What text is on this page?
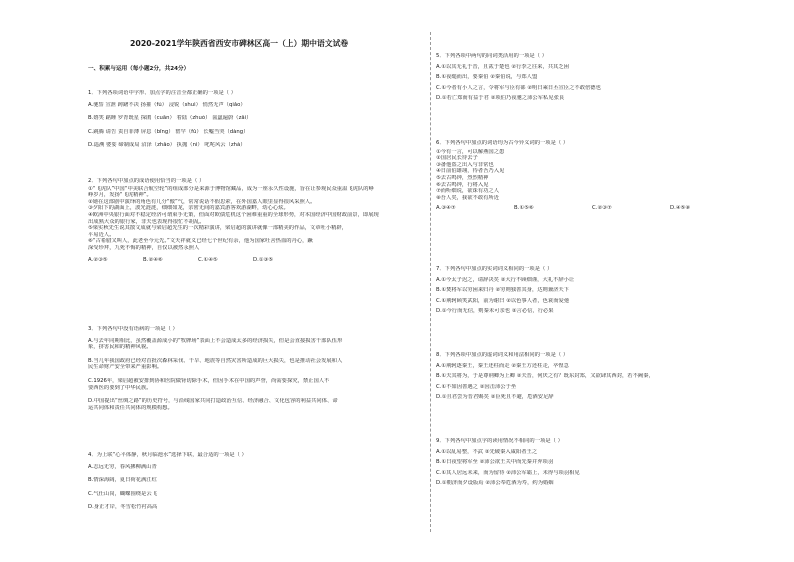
2020-2021学年陕西省西安市碑林区高一（上）期中语文试卷
一、积累与运用（每小题2分，共24分）
1．下列各项词语中字形、加点字的注音全都正确的一项是（ ）
A.驰誓 宣泄 踌躇不决 扬搉（fú） 浸锐（shuì） 悄然无声（qiǎo）
B.嬉笑 踮睡 罗青既星 探鹃（cuān） 着陆（zhuó） 氤氲遍蔚（zāi）
C.跳腾 请告 责自菲薄 屏息（bīng） 罂罕（fǔ） 长嘘当哭（dàng）
D.遥溯 婆娑 缔制成局 沼泽（zhǎo） 执抛（nì） 叱咤风云（zhà）
2．下列各句中加点的成语使用恰当的一项是（ ）
①“飞虎队”中国“中美联合航空轮”的组成部分是来源于博物馆藏品，成为一座永久性设施，旨在让参观民众重温飞虎队的峥
峥岁月，发扬“飞虎精神”。
②她在这部剧中演绎的角色有几分“傲”气，常常说话不假思索，在外国嘉人眼里显得很风采照人。
③夕阳下的湖面上，波光涟涟，细细如龙，亲密无间的嘉宾游客欢游湖畔，幼心心炫。
④欧洲中央银行面对不稳定经济可谓束手无策，但面对欧债危机这个困难重重的全球形势，对本国经济中国财政前景，即展现
出成熟大众的银行家，非夫也表现得很忙不胡乱。
⑤梁实秋先生说其散文成就与梁启超先生的一次精彩演讲，梁启超的演讲就像一部精美的作品，文章吐小精辟，
平易近人。
⑥“古希腊又叫人，此老至今元先。”文天祥就义已经七个世纪有余，他为国家吐舍热血的丹心，蹶
深受珍拜，九死不悔的精神，自仅以被然永照人
A.②③⑤	B.②④⑥	C.①④⑤	D.①③⑤
3．下列各句中没有语病的一项是（ ）
A.与去年同期相比，虽然覆盖源成小的“牧牌场”表面上不会造成太多的经济损失，但是会直接损害干部队伍形
象，挤害民和的精神风貌。
B.当几年我国政府已经对首批次森林采伐、干旱、地震等自然灾害所造成的巨大损失，也是推动社会发展和人
民生命财产安全带来严重影响。
C.1926年，梁启超被安排到协和医院做肾切除手术，但因手术在中国的声誉，尚需要探究，禁止国人不
要西医的要到了中华民族。
D.中国提出“丝绸之路”的历史符号，与沿线国家共同打造政治互信、经济融合、文化包容的利益共同体、命
运共同体和责任共同体的规模构想。
4．为上联“心平体静，秋月临池水”选择下联，最合适的一项是（ ）
A.志远无穷，春风拂柳满山青
B.情深海阔，夏日荷花满江红
C.气仕山岗，蝴蝶围绕是云飞
D.身正才岸，冬雪松竹衬高高
5．下列各项中两句的同词类活用的一项是（ ）
A.①以其无礼于晋，且贰于楚也 ②行李之往来，共其乏困
B.①夜缒而出，要秦伯 ②秦伯说，与郑人盟
C.①今者有小人之言，令将军与臣有郤 ②明日乘日丕宣臣之不敢倍德也
D.①若亡郑而有益于君 ②项伯乃夜驰之沛公军私见张良
6．下列各句中加点的词语均为古今异义词的一项是（ ）
①今有一言，可以解燕国之患
②国居民长待去子
③备他盗之出入与非常也
④日前伯雄翊，待者吾乃入见
⑤去古鸣钟，烈烈精神
⑥去古鸣钟，行将入见
⑦而听细说，欲诛有功之人
⑧吾人矣，我欲不敢有所近
A.③④⑦	B.①⑤⑥	C.②③⑦	D.④⑤⑧
7．下列各句中加点的实词词义相同的一项是（ ）
A.①今太子迟之，请辞决矣 ②大行不顾细谨，大礼不辞小让
B.①焚将军以穷困来归丹 ②穷则独善其身，达则兼济天下
C.①荆轲顾笑武阳，前为谢曰 ②以色事人者，色衰而爱弛
D.①今行而无信，则秦未可亲也 ②言必信，行必果
8．下列各项中加点的虚词词义和用法相同的一项是（ ）
A.①荆轲逐秦王，秦王还柱而走 ②秦王方还柱走，卒惶急
B.①夫其将为，于是尊荆卿为上卿 ②夫晋，何厌之有？既东封郑，又欲肆其西封，若不阙秦，
C.①不如因善遇之 ②因击沛公于坐
D.①且君尝为晋君赐矣 ②臣死且不避，卮酒安足辞
9．下列各句中加点字的读用情况不相同的一项是（ ）
A.①以乱易整，不武 ②先破秦入咸阳者王之
B.①日夜望将军至 ②沛公欲王关中而先秦并弃项羽
C.①其人居远未来，而为留待 ②沛公军霸上，未得与项羽相见
D.①朝济而夕设版焉 ②沛公奉卮酒为寿，约为婚姻
